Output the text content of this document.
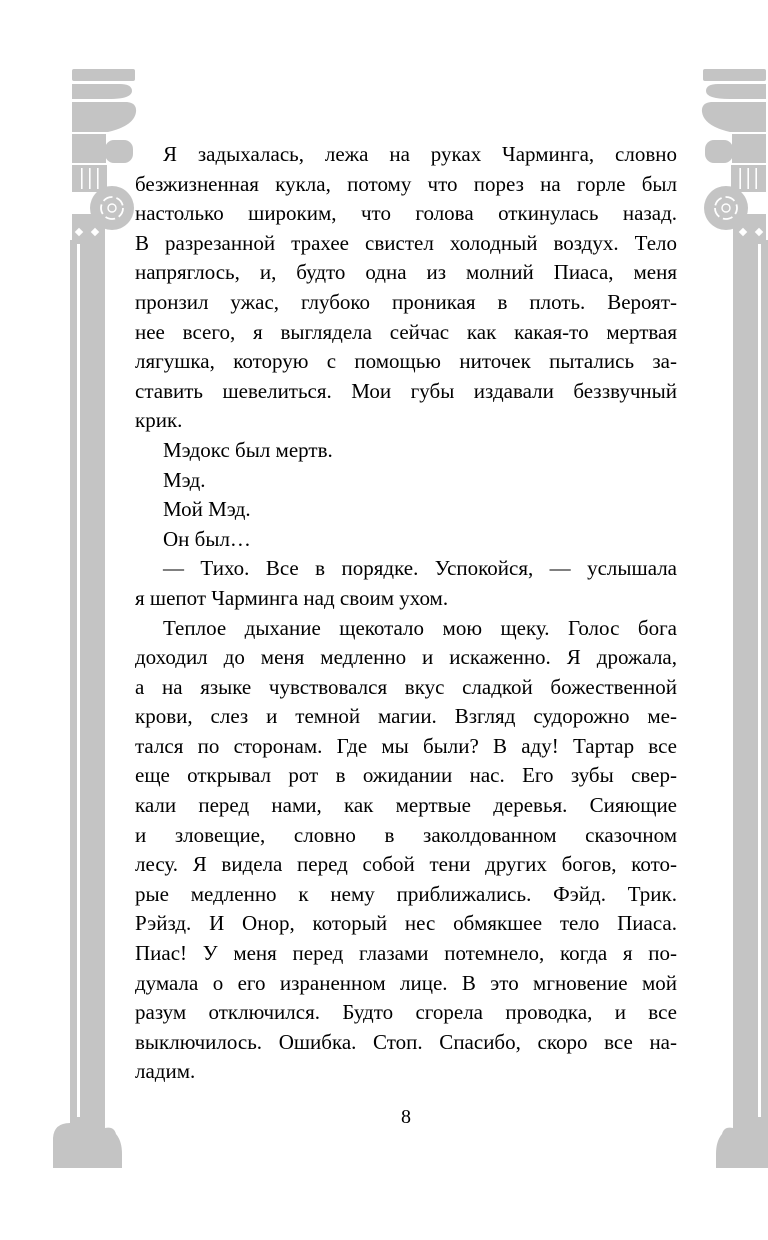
Я задыхалась, лежа на руках Чарминга, словно
безжизненная кукла, потому что порез на горле был
настолько широким, что голова откинулась назад.
В разрезанной трахее свистел холодный воздух. Тело
напряглось, и, будто одна из молний Пиаса, меня
пронзил ужас, глубоко проникая в плоть. Вероят-
нее всего, я выглядела сейчас как какая-то мертвая
лягушка, которую с помощью ниточек пытались за-
ставить шевелиться. Мои губы издавали беззвучный
крик.
Мэдокс был мертв.
Мэд.
Мой Мэд.
Он был…
— Тихо. Все в порядке. Успокойся, — услышала
я шепот Чарминга над своим ухом.
Теплое дыхание щекотало мою щеку. Голос бога
доходил до меня медленно и искаженно. Я дрожала,
а на языке чувствовался вкус сладкой божественной
крови, слез и темной магии. Взгляд судорожно ме-
тался по сторонам. Где мы были? В аду! Тартар все
еще открывал рот в ожидании нас. Его зубы свер-
кали перед нами, как мертвые деревья. Сияющие
и зловещие, словно в заколдованном сказочном
лесу. Я видела перед собой тени других богов, кото-
рые медленно к нему приближались. Фэйд. Трик.
Рэйзд. И Онор, который нес обмякшее тело Пиаса.
Пиас! У меня перед глазами потемнело, когда я по-
думала о его израненном лице. В это мгновение мой
разум отключился. Будто сгорела проводка, и все
выключилось. Ошибка. Стоп. Спасибо, скоро все на-
ладим.
8
